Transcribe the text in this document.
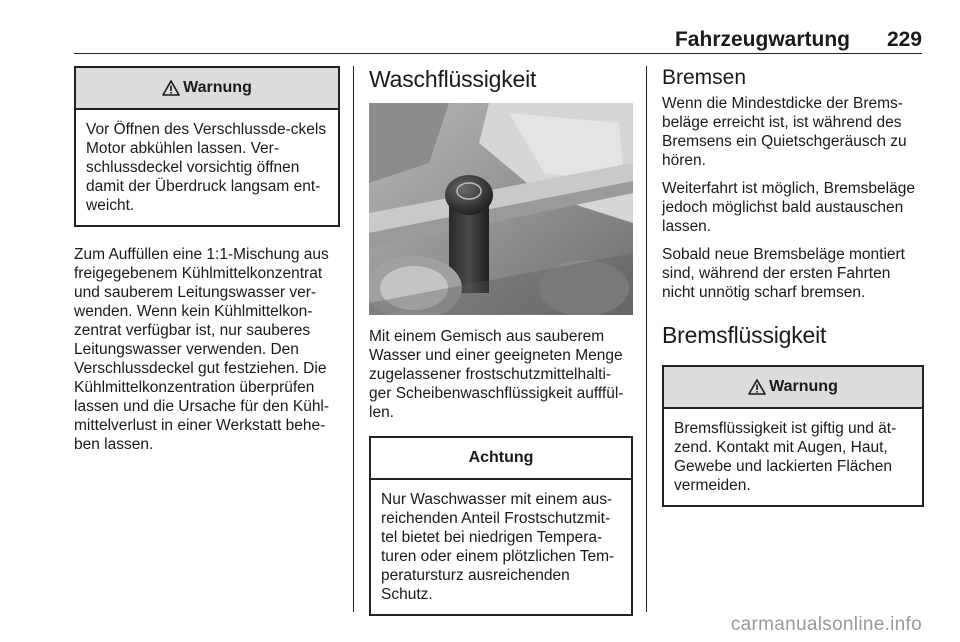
Fahrzeugwartung 229
Warnung
Vor Öffnen des Verschlussde-ckels Motor abkühlen lassen. Ver-schlussdeckel vorsichtig öffnen damit der Überdruck langsam ent-weicht.

Zum Auffüllen eine 1:1-Mischung aus freigegebenem Kühlmittelkonzentrat und sauberem Leitungswasser ver-wenden. Wenn kein Kühlmittelkon-zentrat verfügbar ist, nur sauberes Leitungswasser verwenden. Den Verschlussdeckel gut festziehen. Die Kühlmittelkonzentration überprüfen lassen und die Ursache für den Kühl-mittelverlust in einer Werkstatt behe-ben lassen.

Waschflüssigkeit

Mit einem Gemisch aus sauberem Wasser und einer geeigneten Menge zugelassener frostschutzmittelhalti-ger Scheibenwaschflüssigkeit aufffül-len.

Achtung
Nur Waschwasser mit einem aus-reichenden Anteil Frostschutzmit-tel bietet bei niedrigen Tempera-turen oder einem plötzlichen Tem-peratursturz ausreichenden Schutz.
Bremsen

Wenn die Mindestdicke der Brems-beläge erreicht ist, ist während des Bremsens ein Quietschgeräusch zu hören.

Weiterfahrt ist möglich, Bremsbeläge jedoch möglichst bald austauschen lassen.

Sobald neue Bremsbeläge montiert sind, während der ersten Fahrten nicht unnötig scharf bremsen.

Bremsflüssigkeit
Warnung
Bremsflüssigkeit ist giftig und ät-zend. Kontakt mit Augen, Haut, Gewebe und lackierten Flächen vermeiden.
carmanualsonline.info
